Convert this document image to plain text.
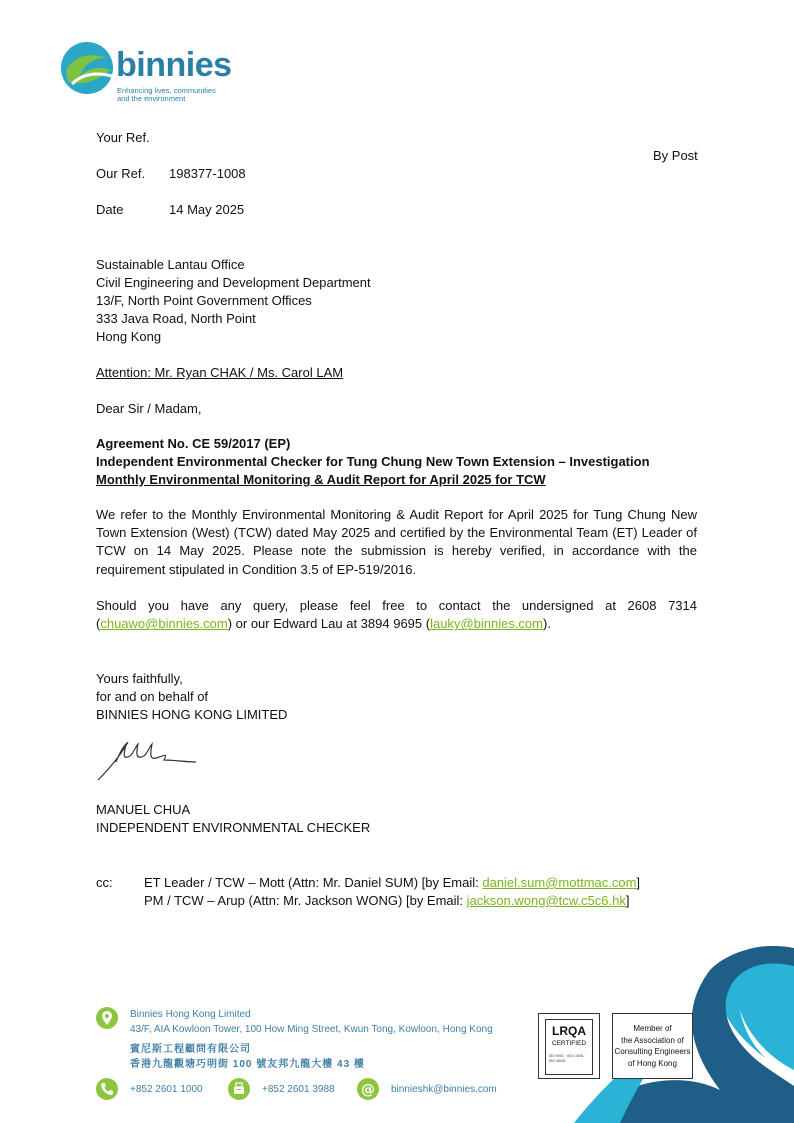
binnies
Enhancing lives, communities
and the environment
Your Ref.
By Post
Our Ref. 198377-1008
Date	14 May 2025
Sustainable Lantau Office
Civil Engineering and Development Department
13/F, North Point Government Offices
333 Java Road, North Point
Hong Kong
Attention: Mr. Ryan CHAK / Ms. Carol LAM
Dear Sir / Madam,
Agreement No. CE 59/2017 (EP)
Independent Environmental Checker for Tung Chung New Town Extension – Investigation
Monthly Environmental Monitoring & Audit Report for April 2025 for TCW
We refer to the Monthly Environmental Monitoring & Audit Report for April 2025 for Tung Chung New Town Extension (West) (TCW) dated May 2025 and certified by the Environmental Team (ET) Leader of TCW on 14 May 2025. Please note the submission is hereby verified, in accordance with the requirement stipulated in Condition 3.5 of EP-519/2016.
Should you have any query, please feel free to contact the undersigned at 2608 7314 (chuawo@binnies.com) or our Edward Lau at 3894 9695 (lauky@binnies.com).
Yours faithfully,
for and on behalf of
BINNIES HONG KONG LIMITED
MANUEL CHUA
INDEPENDENT ENVIRONMENTAL CHECKER
cc: ET Leader / TCW – Mott (Attn: Mr. Daniel SUM) [by Email: daniel.sum@mottmac.com]
PM / TCW – Arup (Attn: Mr. Jackson WONG) [by Email: jackson.wong@tcw.c5c6.hk]
Binnies Hong Kong Limited
43/F, AIA Kowloon Tower, 100 How Ming Street, Kwun Tong, Kowloon, Hong Kong
賓尼斯工程顧問有限公司
香港九龍觀塘巧明街 100 號友邦九龍大樓 43 樓
+852 2601 1000	+852 2601 3988 @ binnieshk@binnies.com
LRQA
CERTIFIED
ISO 9001 · ISO 14001 · ISO 45001
Member of
the Association of
Consulting Engineers
of Hong Kong
